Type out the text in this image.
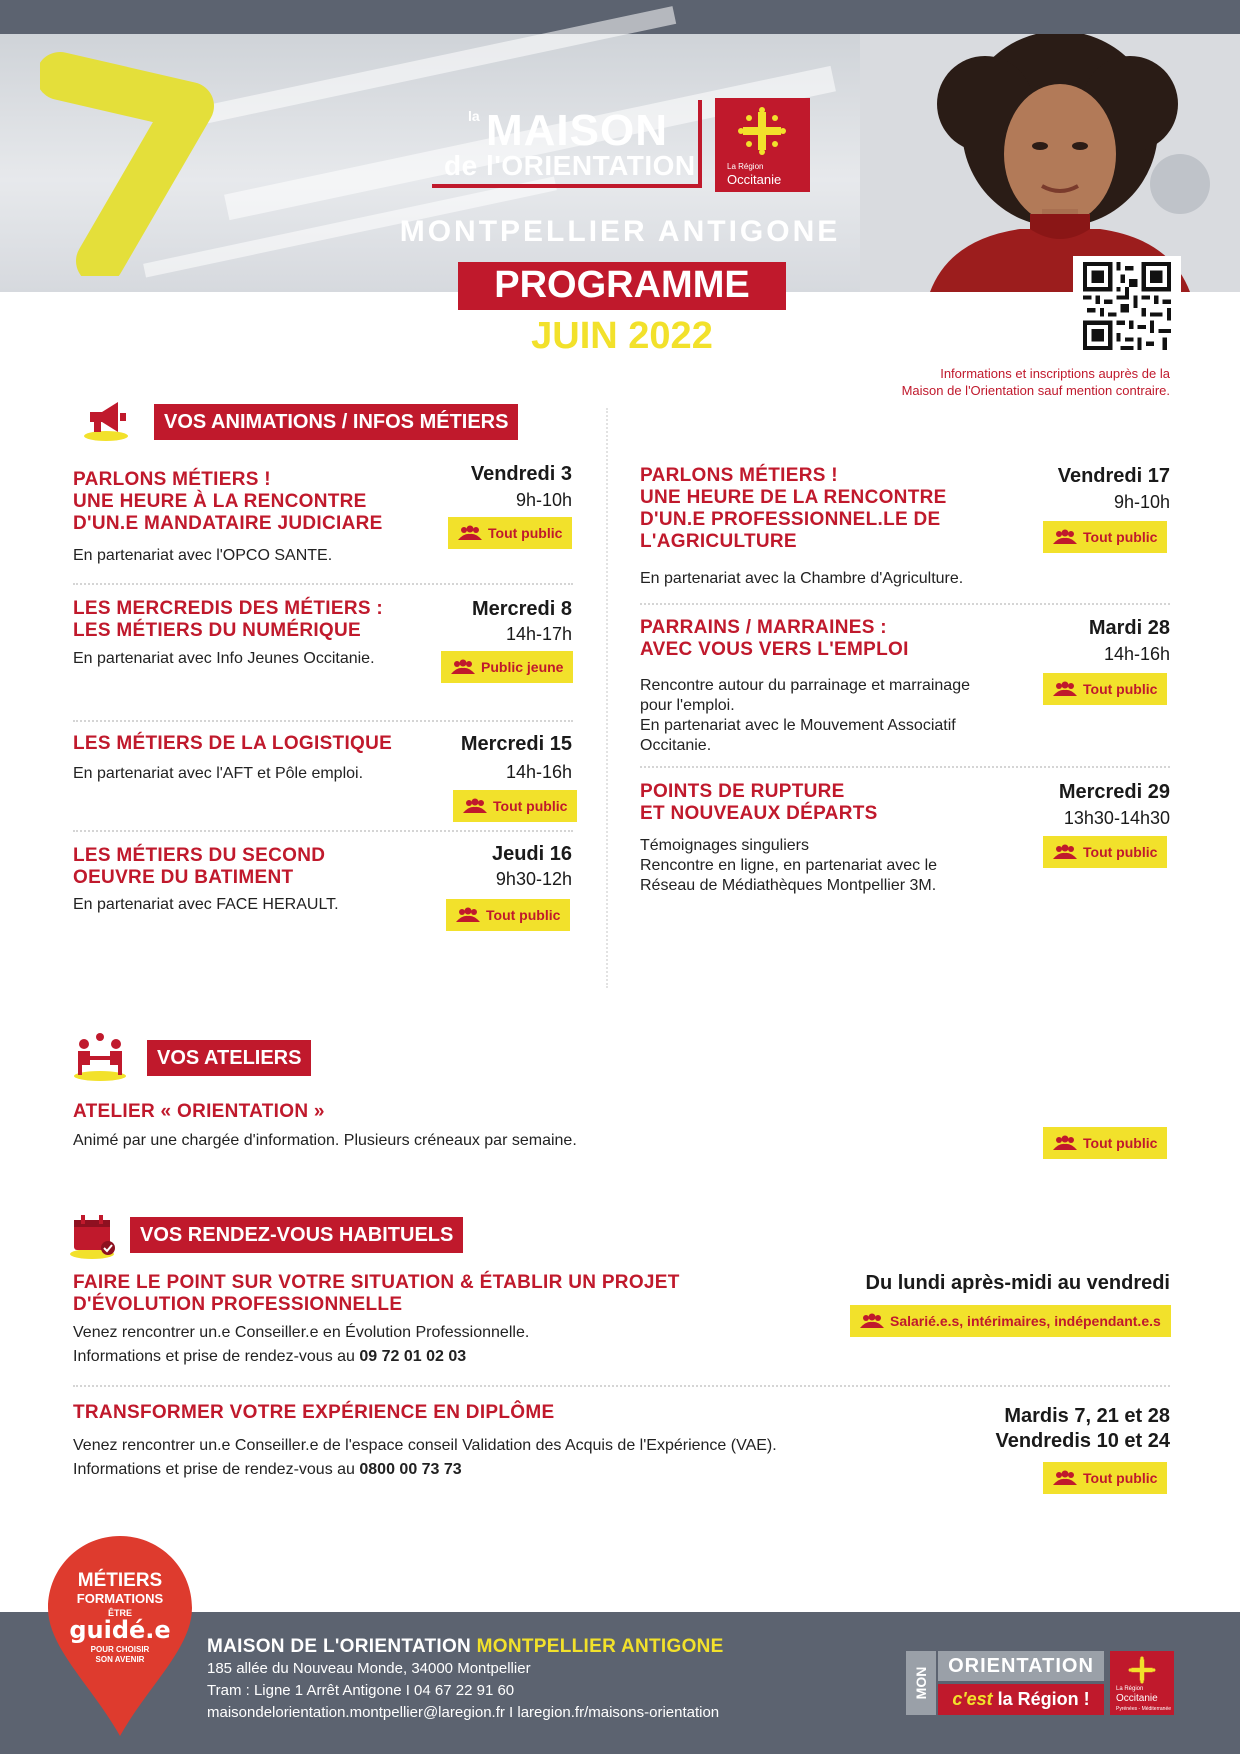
la MAISON
de l'ORIENTATION	La Région
Occitanie
MONTPELLIER ANTIGONE
PROGRAMME
JUIN 2022
Informations et inscriptions auprès de la
Maison de l'Orientation sauf mention contraire.
VOS ANIMATIONS / INFOS MÉTIERS
PARLONS MÉTIERS !
UNE HEURE À LA RENCONTRE
D'UN.E MANDATAIRE JUDICIARE
En partenariat avec l'OPCO SANTE.
Vendredi 3
9h-10h
Tout public
LES MERCREDIS DES MÉTIERS :
LES MÉTIERS DU NUMÉRIQUE
En partenariat avec Info Jeunes Occitanie.
Mercredi 8
14h-17h
Public jeune
LES MÉTIERS DE LA LOGISTIQUE
En partenariat avec l'AFT et Pôle emploi.
Mercredi 15
14h-16h
Tout public
LES MÉTIERS DU SECOND
OEUVRE DU BATIMENT
En partenariat avec FACE HERAULT.
Jeudi 16
9h30-12h
Tout public
PARLONS MÉTIERS !
UNE HEURE DE LA RENCONTRE
D'UN.E PROFESSIONNEL.LE DE
L'AGRICULTURE
En partenariat avec la Chambre d'Agriculture.
Vendredi 17
9h-10h
Tout public
PARRAINS / MARRAINES :
AVEC VOUS VERS L'EMPLOI
Rencontre autour du parrainage et marrainage
pour l'emploi.
En partenariat avec le Mouvement Associatif
Occitanie.
Mardi 28
14h-16h
Tout public
POINTS DE RUPTURE
ET NOUVEAUX DÉPARTS
Témoignages singuliers
Rencontre en ligne, en partenariat avec le
Réseau de Médiathèques Montpellier 3M.
Mercredi 29
13h30-14h30
Tout public
VOS ATELIERS
ATELIER « ORIENTATION »
Animé par une chargée d'information. Plusieurs créneaux par semaine.	Tout public
VOS RENDEZ-VOUS HABITUELS
FAIRE LE POINT SUR VOTRE SITUATION & ÉTABLIR UN PROJET
D'ÉVOLUTION PROFESSIONNELLE
Venez rencontrer un.e Conseiller.e en Évolution Professionnelle.
Informations et prise de rendez-vous au 09 72 01 02 03
Du lundi après-midi au vendredi
Salarié.e.s, intérimaires, indépendant.e.s
TRANSFORMER VOTRE EXPÉRIENCE EN DIPLÔME
Venez rencontrer un.e Conseiller.e de l'espace conseil Validation des Acquis de l'Expérience (VAE).
Informations et prise de rendez-vous au 0800 00 73 73
Mardis 7, 21 et 28
Vendredis 10 et 24
Tout public
MÉTIERS
FORMATIONS
ÊTRE
guidé.e
POUR CHOISIR
SON AVENIR
MAISON DE L'ORIENTATION MONTPELLIER ANTIGONE
185 allée du Nouveau Monde, 34000 Montpellier
Tram : Ligne 1 Arrêt Antigone I 04 67 22 91 60
maisondelorientation.montpellier@laregion.fr I laregion.fr/maisons-orientation
MON
ORIENTATION
c'est la Région !	La Région
Occitanie
Pyrénées - Méditerranée
